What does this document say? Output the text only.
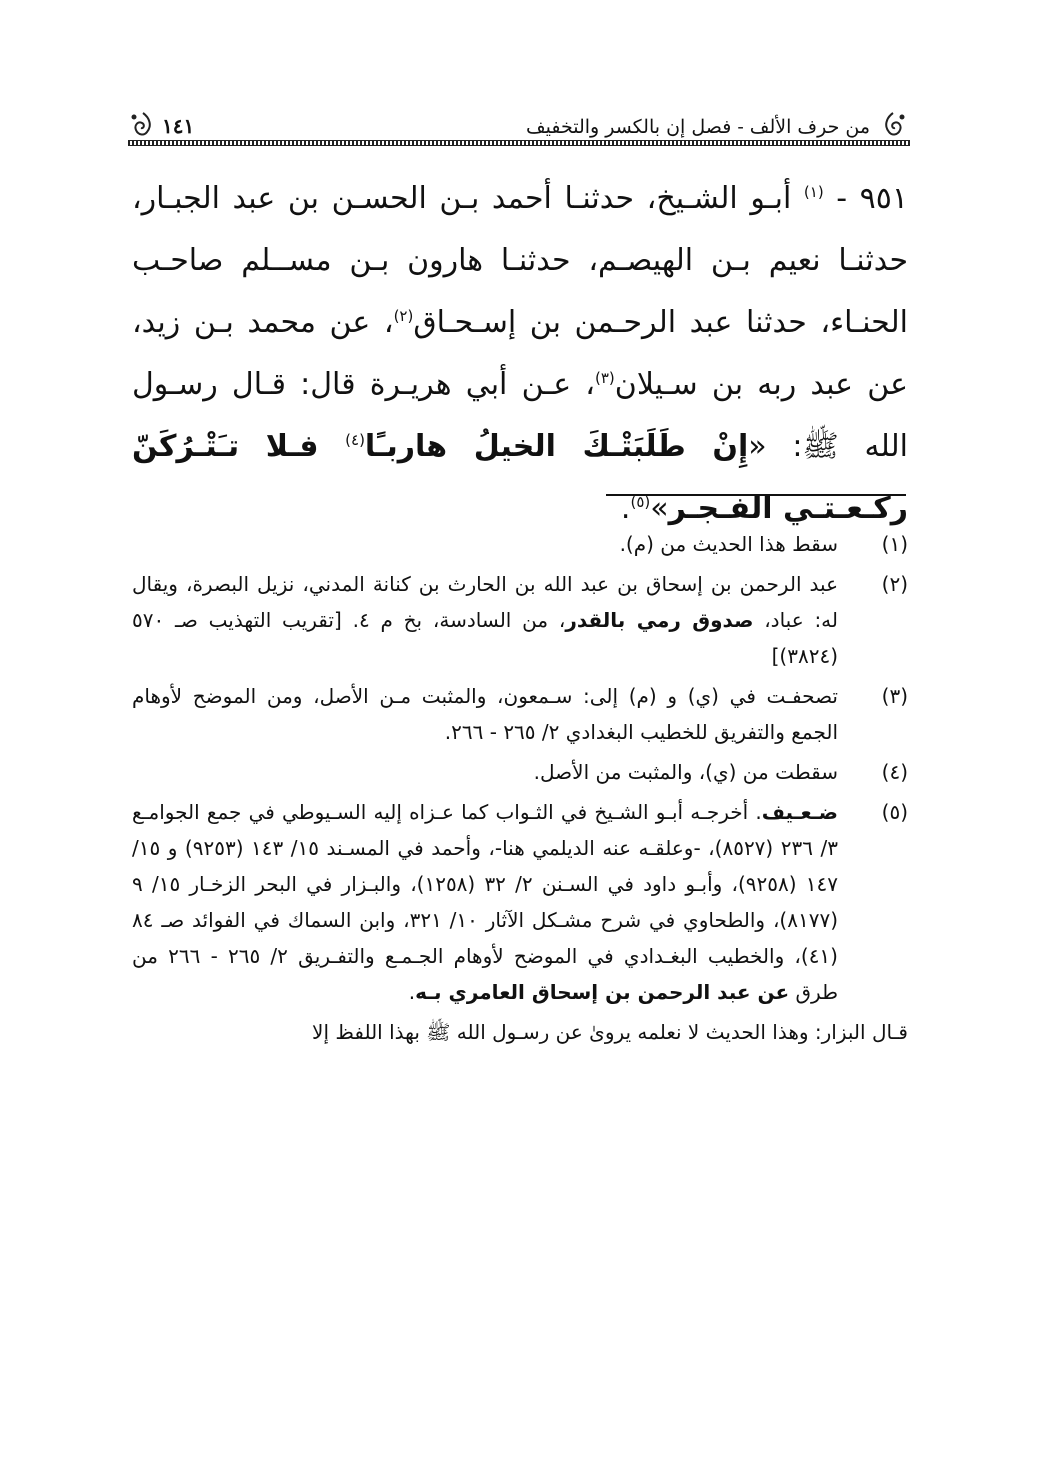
من حرف الألف - فصل إن بالكسر والتخفيف
١٤١
٩٥١ - $^{(١)}$ أبـو الشـيخ، حدثنـا أحمد بـن الحسـن بن عبد الجبـار، حدثنـا نعيم بـن الهيصـم، حدثنـا هارون بـن مســلم صاحـب الحنـاء، حدثنا عبد الرحـمن بن إسـحـاق$^{(٢)}$، عن محمد بـن زيد، عن عبد ربه بن سـيلان$^{(٣)}$، عـن أبي هريـرة قال: قـال رسـول الله ﷺ: «إِنْ طَلَبَتْـكَ الخيلُ هاربـًا$^{(٤)}$ فـلا تـَتْـرُكَنّ ركـعـتـي الفـجـر»$^{(٥)}$.
(١)
سقط هذا الحديث من (م).
(٢)
عبد الرحمن بن إسحاق بن عبد الله بن الحارث بن كنانة المدني، نزيل البصرة، ويقال له: عباد، صدوق رمي بالقدر، من السادسة، بخ م ٤. [تقريب التهذيب صـ ٥٧٠ (٣٨٢٤)]
(٣)
تصحفـت في (ي) و (م) إلى: سـمعون، والمثبت مـن الأصل، ومن الموضح لأوهام الجمع والتفريق للخطيب البغدادي ٢/ ٢٦٥ - ٢٦٦.
(٤)
سقطت من (ي)، والمثبت من الأصل.
(٥)
ضـعـيف. أخرجـه أبـو الشـيخ في الثـواب كما عـزاه إليه السـيوطي في جمع الجوامـع ٣/ ٢٣٦ (٨٥٢٧)، -وعلقـه عنه الديلمي هنا-، وأحمد في المسـند ١٥/ ١٤٣ (٩٢٥٣) و ١٥/ ١٤٧ (٩٢٥٨)، وأبـو داود في السـنن ٢/ ٣٢ (١٢٥٨)، والبـزار في البحر الزخـار ١٥/ ٩ (٨١٧٧)، والطحاوي في شرح مشـكل الآثار ١٠/ ٣٢١، وابن السماك في الفوائد صـ ٨٤ (٤١)، والخطيب البغـدادي في الموضح لأوهام الجـمـع والتفـريق ٢/ ٢٦٥ - ٢٦٦ من طرق عن عبد الرحمن بن إسحاق العامري بـه.
قـال البزار: وهذا الحديث لا نعلمه يروىٰ عن رسـول الله ﷺ بهذا اللفظ إلا
